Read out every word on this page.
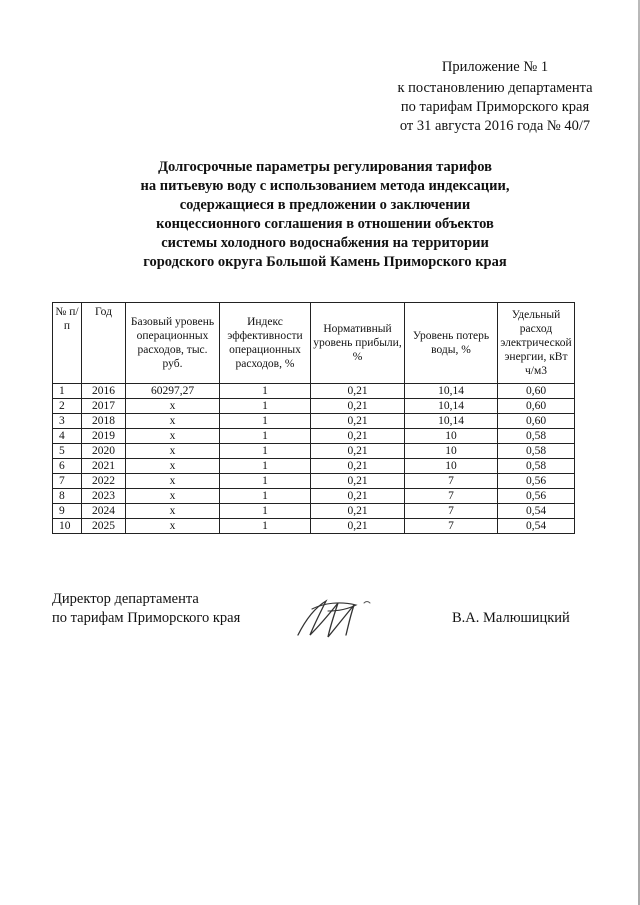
Приложение № 1
к постановлению департамента
по тарифам Приморского края
от 31 августа 2016 года № 40/7
Долгосрочные параметры регулирования тарифов
на питьевую воду с использованием метода индексации,
содержащиеся в предложении о заключении
концессионного соглашения в отношении объектов
системы холодного водоснабжения на территории
городского округа Большой Камень Приморского края
№ п/п	Год	Базовый уровень операционных расходов, тыс. руб.	Индекс эффективности операционных расходов, %	Нормативный уровень прибыли, %	Уровень потерь воды, %	Удельный расход электрической энергии, кВт ч/м3
1	2016	60297,27	1	0,21	10,14	0,60
2	2017	х	1	0,21	10,14	0,60
3	2018	х	1	0,21	10,14	0,60
4	2019	х	1	0,21	10	0,58
5	2020	х	1	0,21	10	0,58
6	2021	х	1	0,21	10	0,58
7	2022	х	1	0,21	7	0,56
8	2023	х	1	0,21	7	0,56
9	2024	х	1	0,21	7	0,54
10	2025	х	1	0,21	7	0,54
Директор департамента
по тарифам Приморского края	В.А. Малюшицкий
